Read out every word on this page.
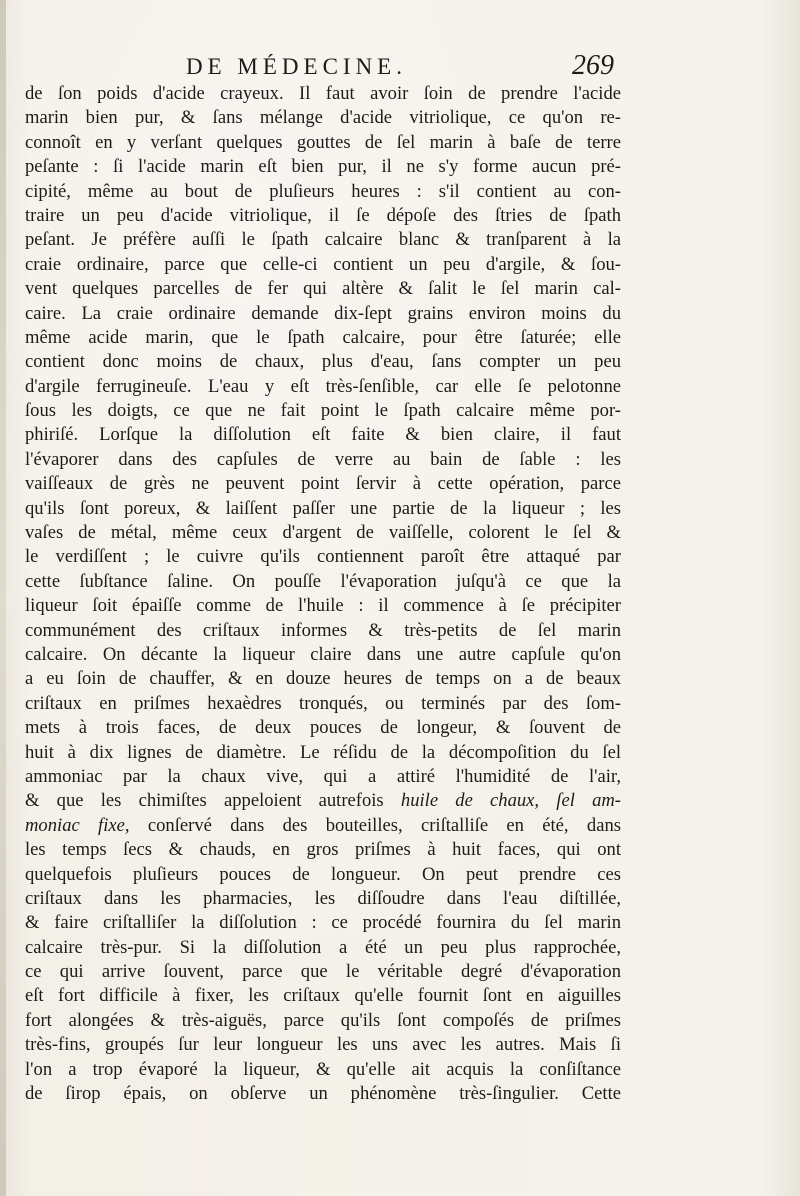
DE MÉDECINE.	269
de ſon poids d'acide crayeux. Il faut avoir ſoin de prendre l'acide
marin bien pur, & ſans mélange d'acide vitriolique, ce qu'on re-
connoît en y verſant quelques gouttes de ſel marin à baſe de terre
peſante : ſi l'acide marin eſt bien pur, il ne s'y forme aucun pré-
cipité, même au bout de pluſieurs heures : s'il contient au con-
traire un peu d'acide vitriolique, il ſe dépoſe des ſtries de ſpath
peſant. Je préfère auſſi le ſpath calcaire blanc & tranſparent à la
craie ordinaire, parce que celle-ci contient un peu d'argile, & ſou-
vent quelques parcelles de fer qui altère & ſalit le ſel marin cal-
caire. La craie ordinaire demande dix-ſept grains environ moins du
même acide marin, que le ſpath calcaire, pour être ſaturée; elle
contient donc moins de chaux, plus d'eau, ſans compter un peu
d'argile ferrugineuſe. L'eau y eſt très-ſenſible, car elle ſe pelotonne
ſous les doigts, ce que ne fait point le ſpath calcaire même por-
phiriſé. Lorſque la diſſolution eſt faite & bien claire, il faut
l'évaporer dans des capſules de verre au bain de ſable : les
vaiſſeaux de grès ne peuvent point ſervir à cette opération, parce
qu'ils ſont poreux, & laiſſent paſſer une partie de la liqueur ; les
vaſes de métal, même ceux d'argent de vaiſſelle, colorent le ſel &
le verdiſſent ; le cuivre qu'ils contiennent paroît être attaqué par
cette ſubſtance ſaline. On pouſſe l'évaporation juſqu'à ce que la
liqueur ſoit épaiſſe comme de l'huile : il commence à ſe précipiter
communément des criſtaux informes & très-petits de ſel marin
calcaire. On décante la liqueur claire dans une autre capſule qu'on
a eu ſoin de chauffer, & en douze heures de temps on a de beaux
criſtaux en priſmes hexaèdres tronqués, ou terminés par des ſom-
mets à trois faces, de deux pouces de longeur, & ſouvent de
huit à dix lignes de diamètre. Le réſidu de la décompoſition du ſel
ammoniac par la chaux vive, qui a attiré l'humidité de l'air,
& que les chimiſtes appeloient autrefois huile de chaux, ſel am-
moniac fixe, conſervé dans des bouteilles, criſtalliſe en été, dans
les temps ſecs & chauds, en gros priſmes à huit faces, qui ont
quelquefois pluſieurs pouces de longueur. On peut prendre ces
criſtaux dans les pharmacies, les diſſoudre dans l'eau diſtillée,
& faire criſtalliſer la diſſolution : ce procédé fournira du ſel marin
calcaire très-pur. Si la diſſolution a été un peu plus rapprochée,
ce qui arrive ſouvent, parce que le véritable degré d'évaporation
eſt fort difficile à fixer, les criſtaux qu'elle fournit ſont en aiguilles
fort alongées & très-aiguës, parce qu'ils ſont compoſés de priſmes
très-fins, groupés ſur leur longueur les uns avec les autres. Mais ſi
l'on a trop évaporé la liqueur, & qu'elle ait acquis la conſiſtance
de ſirop épais, on obſerve un phénomène très-ſingulier. Cette
